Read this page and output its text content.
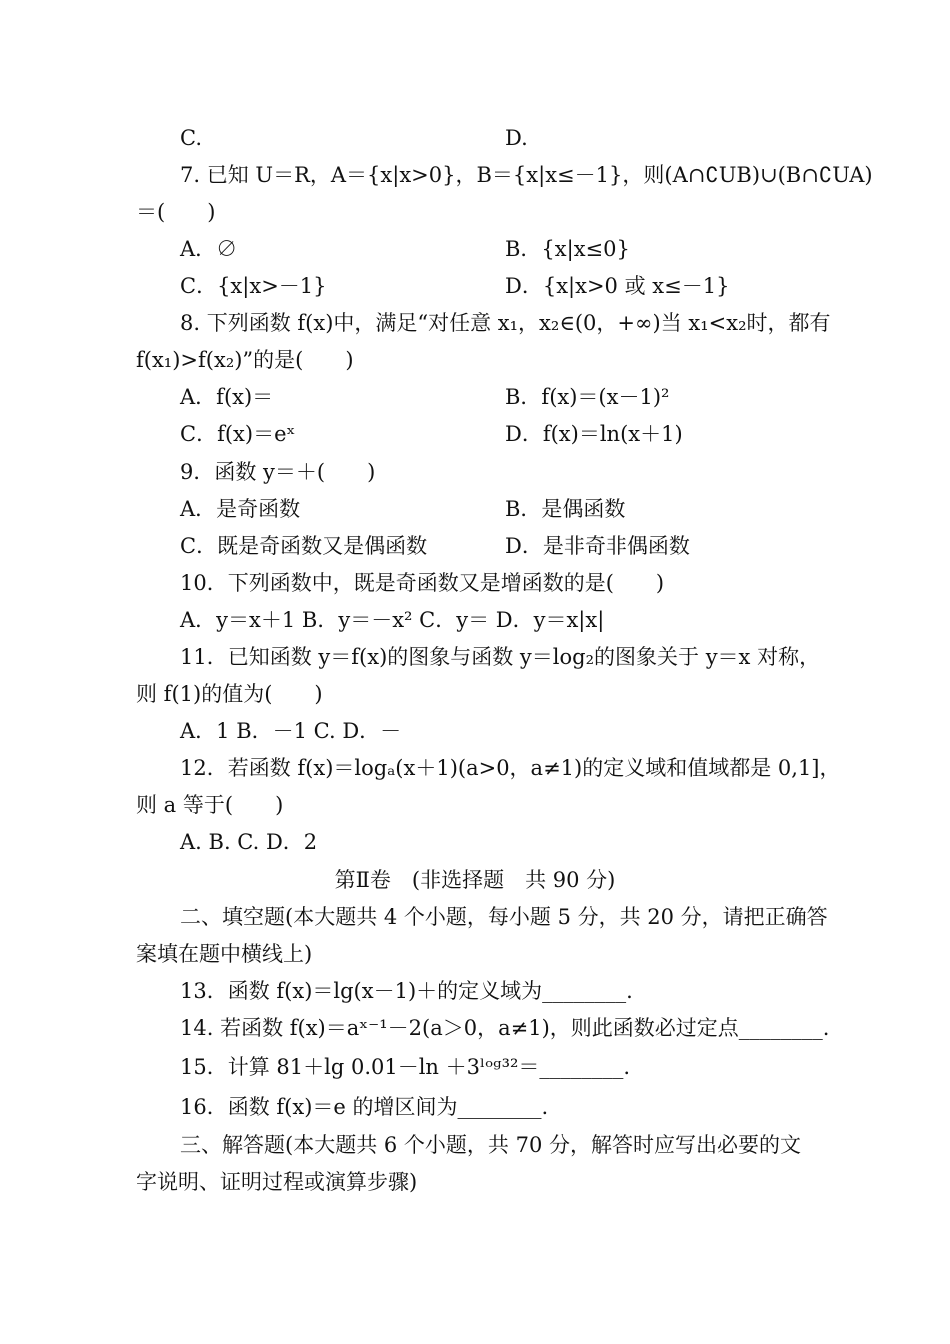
C.	D.
7. 已知 U＝R，A＝{x|x>0}，B＝{x|x≤－1}，则(A∩∁UB)∪(B∩∁UA)
＝(　　)
A．∅	B．{x|x≤0}
C．{x|x>－1}	D．{x|x>0 或 x≤－1}
8. 下列函数 f(x)中，满足“对任意 x₁，x₂∈(0，+∞)当 x₁<x₂时，都有
f(x₁)>f(x₂)”的是(　　)
A．f(x)＝	B．f(x)＝(x－1)²
C．f(x)＝eˣ	D．f(x)＝ln(x＋1)
9．函数 y＝＋(　　)
A．是奇函数	B．是偶函数
C．既是奇函数又是偶函数	D．是非奇非偶函数
10．下列函数中，既是奇函数又是增函数的是(　　)
A．y＝x＋1 B．y＝－x² C．y＝ D．y＝x|x|
11．已知函数 y＝f(x)的图象与函数 y＝log₂的图象关于 y＝x 对称，
则 f(1)的值为(　　)
A．1 B．－1 C. D．－
12．若函数 f(x)＝logₐ(x＋1)(a>0，a≠1)的定义域和值域都是 0,1]，
则 a 等于(　　)
A. B. C. D．2
第Ⅱ卷　(非选择题　共 90 分)
二、填空题(本大题共 4 个小题，每小题 5 分，共 20 分，请把正确答
案填在题中横线上)
13．函数 f(x)＝lg(x－1)＋的定义域为________.
14. 若函数 f(x)＝aˣ⁻¹－2(a＞0，a≠1)，则此函数必过定点________.
15．计算 81＋lg 0.01－ln ＋3ˡᵒᵍ³²＝________.
16．函数 f(x)＝e 的增区间为________.
三、解答题(本大题共 6 个小题，共 70 分，解答时应写出必要的文
字说明、证明过程或演算步骤)
